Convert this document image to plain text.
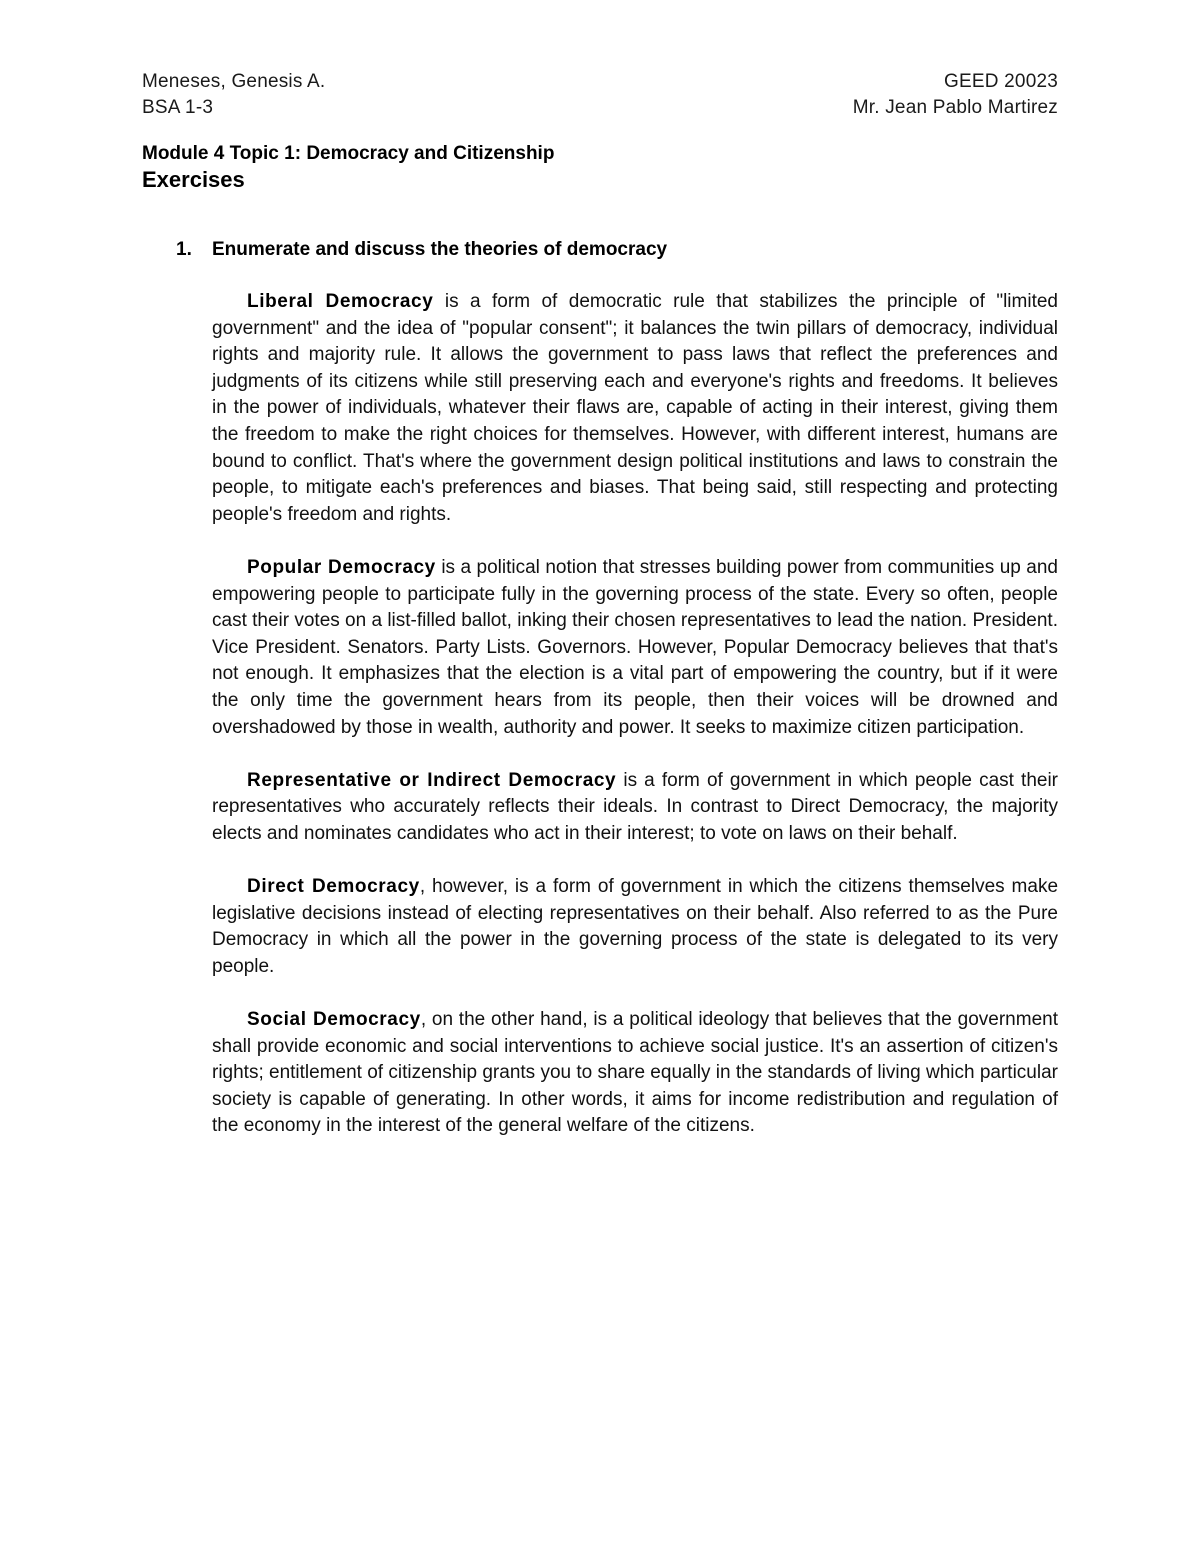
Meneses, Genesis A.	GEED 20023
BSA 1-3	Mr. Jean Pablo Martirez
Module 4 Topic 1: Democracy and Citizenship
Exercises
1.	Enumerate and discuss the theories of democracy

Liberal Democracy is a form of democratic rule that stabilizes the principle of "limited government" and the idea of "popular consent"; it balances the twin pillars of democracy, individual rights and majority rule. It allows the government to pass laws that reflect the preferences and judgments of its citizens while still preserving each and everyone's rights and freedoms. It believes in the power of individuals, whatever their flaws are, capable of acting in their interest, giving them the freedom to make the right choices for themselves. However, with different interest, humans are bound to conflict. That's where the government design political institutions and laws to constrain the people, to mitigate each's preferences and biases. That being said, still respecting and protecting people's freedom and rights.

Popular Democracy is a political notion that stresses building power from communities up and empowering people to participate fully in the governing process of the state. Every so often, people cast their votes on a list-filled ballot, inking their chosen representatives to lead the nation. President. Vice President. Senators. Party Lists. Governors. However, Popular Democracy believes that that's not enough. It emphasizes that the election is a vital part of empowering the country, but if it were the only time the government hears from its people, then their voices will be drowned and overshadowed by those in wealth, authority and power. It seeks to maximize citizen participation.

Representative or Indirect Democracy is a form of government in which people cast their representatives who accurately reflects their ideals. In contrast to Direct Democracy, the majority elects and nominates candidates who act in their interest; to vote on laws on their behalf.

Direct Democracy, however, is a form of government in which the citizens themselves make legislative decisions instead of electing representatives on their behalf. Also referred to as the Pure Democracy in which all the power in the governing process of the state is delegated to its very people.

Social Democracy, on the other hand, is a political ideology that believes that the government shall provide economic and social interventions to achieve social justice. It's an assertion of citizen's rights; entitlement of citizenship grants you to share equally in the standards of living which particular society is capable of generating. In other words, it aims for income redistribution and regulation of the economy in the interest of the general welfare of the citizens.
